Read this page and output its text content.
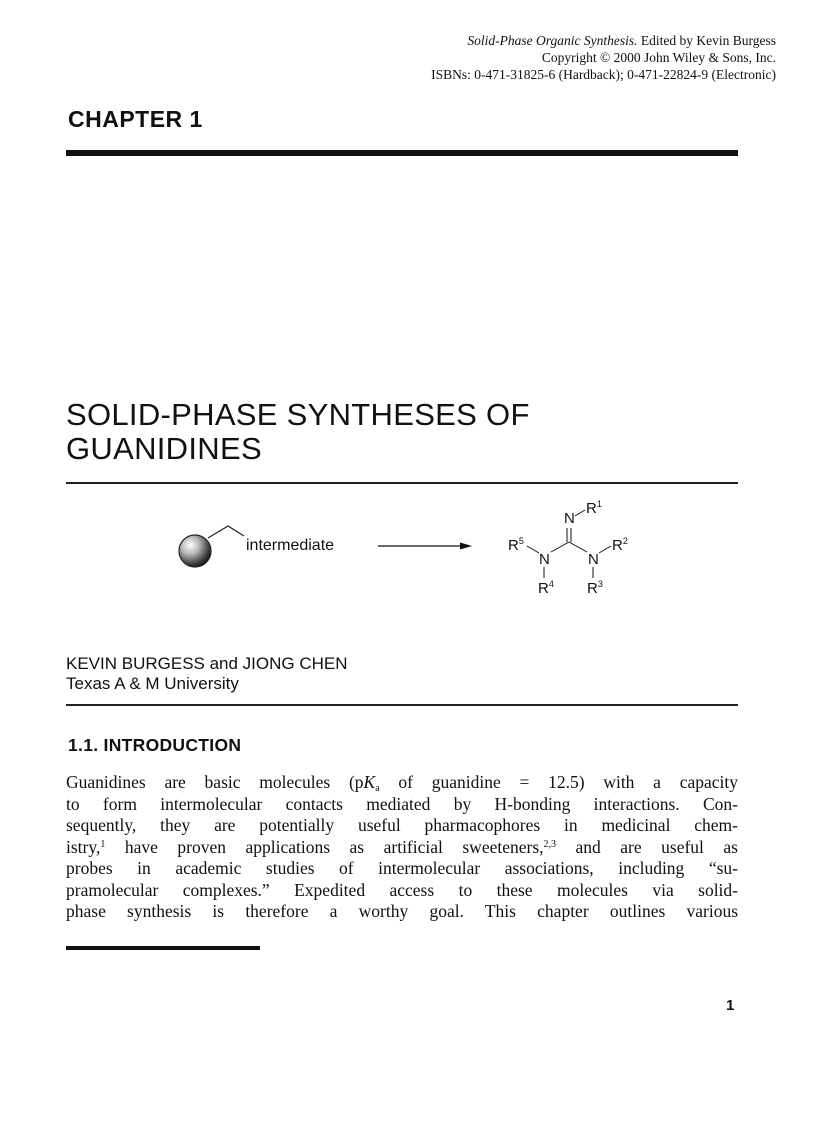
Solid-Phase Organic Synthesis. Edited by Kevin Burgess
Copyright © 2000 John Wiley & Sons, Inc.
ISBNs: 0-471-31825-6 (Hardback); 0-471-22824-9 (Electronic)
CHAPTER 1
SOLID-PHASE SYNTHESES OF
GUANIDINES
intermediate
N
$R^1$
N	N
$R^5$	$R^2$
$R^4$ $R^3$
KEVIN BURGESS and JIONG CHEN
Texas A & M University
1.1. INTRODUCTION
Guanidines are basic molecules ($pK_a$ of guanidine = 12.5) with a capacity
to form intermolecular contacts mediated by H-bonding interactions. Con-
sequently, they are potentially useful pharmacophores in medicinal chem-
istry,$^1$ have proven applications as artificial sweeteners,$^{2,3}$ and are useful as
probes in academic studies of intermolecular associations, including “su-
pramolecular complexes.” Expedited access to these molecules via solid-
phase synthesis is therefore a worthy goal. This chapter outlines various
1
